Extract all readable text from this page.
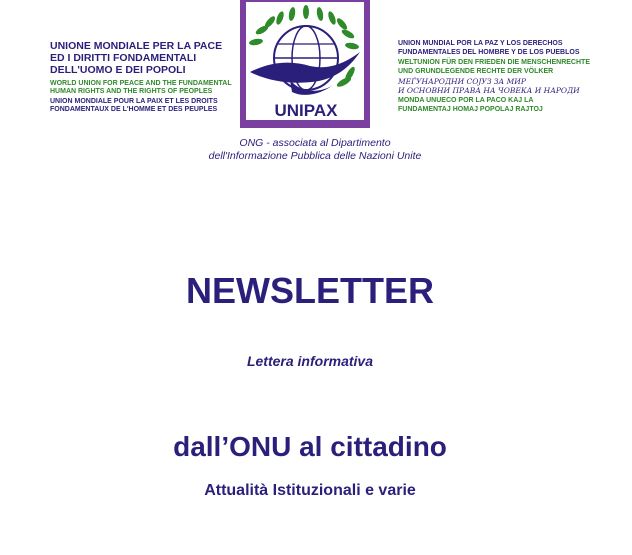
UNIONE MONDIALE PER LA PACE
ED I DIRITTI FONDAMENTALI
DELL'UOMO E DEI POPOLI
WORLD UNION FOR PEACE AND THE FUNDAMENTAL
HUMAN RIGHTS AND THE RIGHTS OF PEOPLES
UNION MONDIALE POUR LA PAIX ET LES DROITS
FONDAMENTAUX DE L'HOMME ET DES PEUPLES	UNIPAX
UNION MUNDIAL POR LA PAZ Y LOS DERECHOS
FUNDAMENTALES DEL HOMBRE Y DE LOS PUEBLOS
WELTUNION FÜR DEN FRIEDEN DIE MENSCHENRECHTE
UND GRUNDLEGENDE RECHTE DER VÖLKER
МЕЃУНАРОДНИ СОЈУЗ ЗА МИР
И ОСНОВНИ ПРАВА НА ЧОВЕКА И НАРОДИ
MONDA UNUECO POR LA PACO KAJ LA
FUNDAMENTAJ HOMAJ POPOLAJ RAJTOJ
ONG - associata al Dipartimento
dell'Informazione Pubblica delle Nazioni Unite
NEWSLETTER
Lettera informativa
dall’ONU al cittadino
Attualità Istituzionali e varie
